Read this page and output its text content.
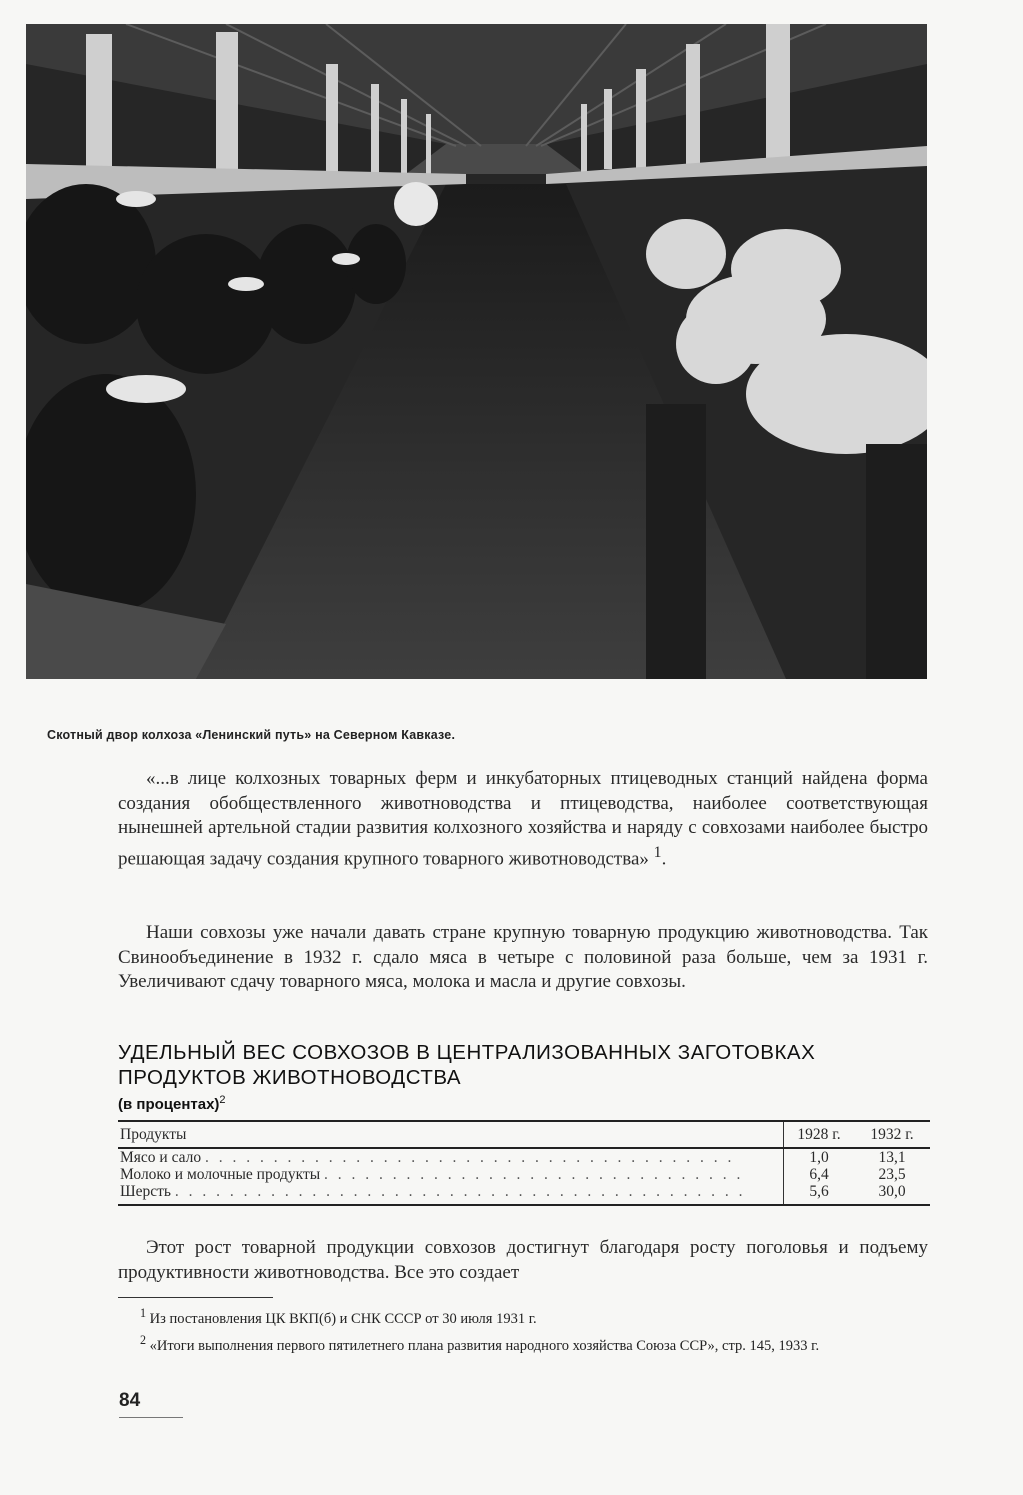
Скотный двор колхоза «Ленинский путь» на Северном Кавказе.

«...в лице колхозных товарных ферм и инкубаторных птицеводных станций найдена форма создания обобществленного животноводства и птицеводства, наиболее соответствующая нынешней артельной стадии развития колхозного хозяйства и наряду с совхозами наиболее быстро решающая задачу создания крупного товарного животноводства» $^1$.

Наши совхозы уже начали давать стране крупную товарную продукцию животноводства. Так Свинообъединение в 1932 г. сдало мяса в четыре с половиной раза больше, чем за 1931 г. Увеличивают сдачу товарного мяса, молока и масла и другие совхозы.

УДЕЛЬНЫЙ ВЕС СОВХОЗОВ В ЦЕНТРАЛИЗОВАННЫХ ЗАГОТОВКАХ ПРОДУКТОВ ЖИВОТНОВОДСТВА
(в процентах)$^2$
Продукты	1928 г.	1932 г.
Мясо и сало . . . . . . . . . . . . . . . . . . . . . . . . . . . . . . . . . . . . . . .	1,0	13,1
Молоко и молочные продукты . . . . . . . . . . . . . . . . . . . . . . . . . . . . . . .	6,4	23,5
Шерсть . . . . . . . . . . . . . . . . . . . . . . . . . . . . . . . . . . . . . . . . . .	5,6	30,0

Этот рост товарной продукции совхозов достигнут благодаря росту поголовья и подъему продуктивности животноводства. Все это создает

$^1$ Из постановления ЦК ВКП(б) и СНК СССР от 30 июля 1931 г.

$^2$ «Итоги выполнения первого пятилетнего плана развития народного хозяйства Союза ССР», стр. 145, 1933 г.

84
